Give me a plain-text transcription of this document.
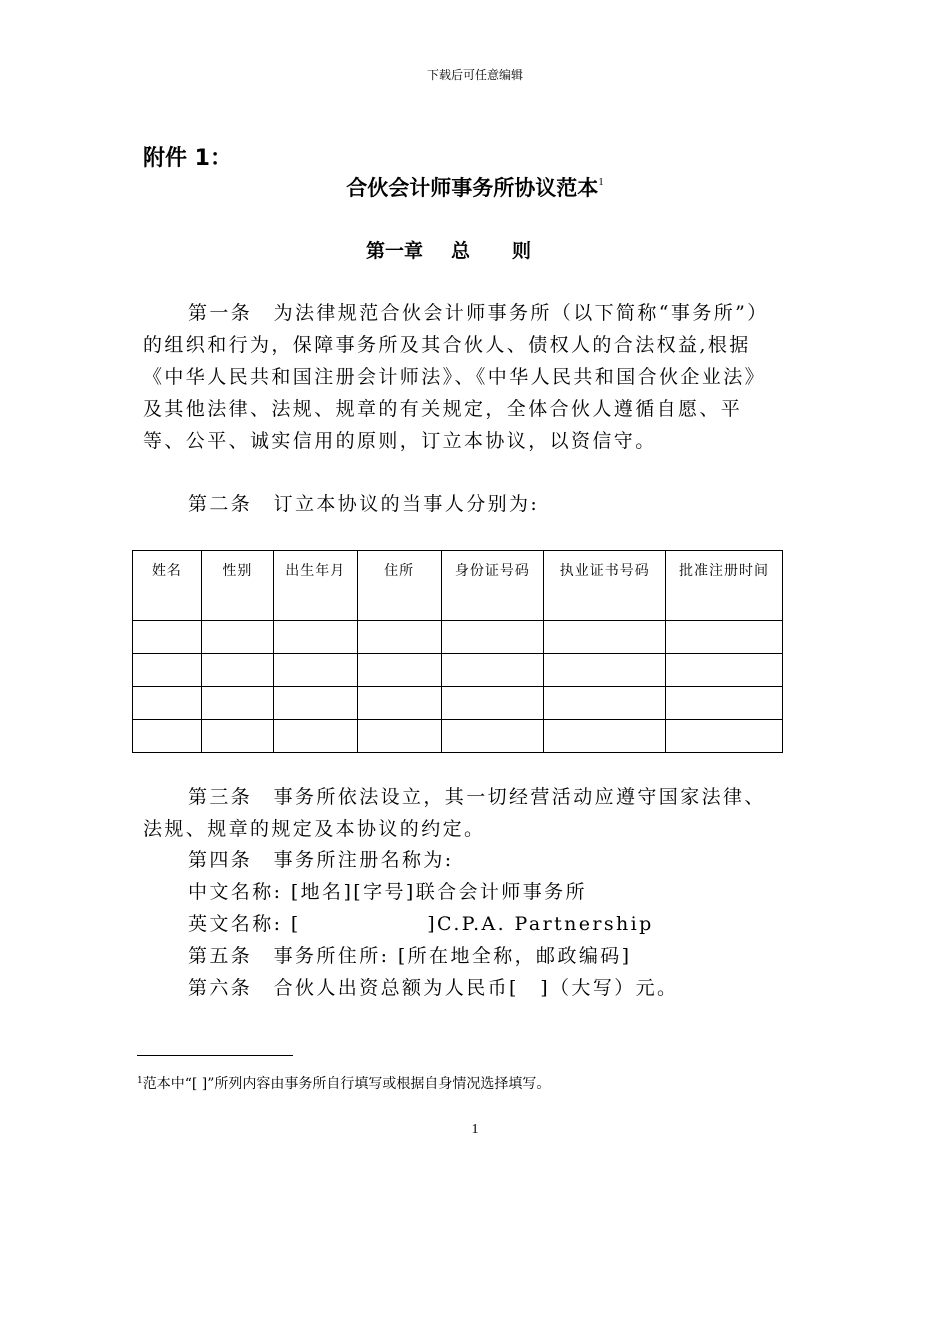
下载后可任意编辑
附件 1：
合伙会计师事务所协议范本$^1$
第一章 总 则
第一条　为法律规范合伙会计师事务所（以下简称“事务所”）的组织和行为，保障事务所及其合伙人、债权人的合法权益,根据《中华人民共和国注册会计师法》、《中华人民共和国合伙企业法》及其他法律、法规、规章的有关规定，全体合伙人遵循自愿、平等、公平、诚实信用的原则，订立本协议，以资信守。
第二条　订立本协议的当事人分别为:
姓名	性别	出生年月	住所	身份证号码	执业证书号码	批准注册时间

第三条　事务所依法设立，其一切经营活动应遵守国家法律、法规、规章的规定及本协议的约定。
第四条　事务所注册名称为:
中文名称: [地名][字号]联合会计师事务所
英文名称: [               ]C.P.A. Partnership
第五条　事务所住所: [所在地全称，邮政编码]
第六条　合伙人出资总额为人民币[　]（大写）元。
$^1$范本中“[ ]”所列内容由事务所自行填写或根据自身情况选择填写。
1
